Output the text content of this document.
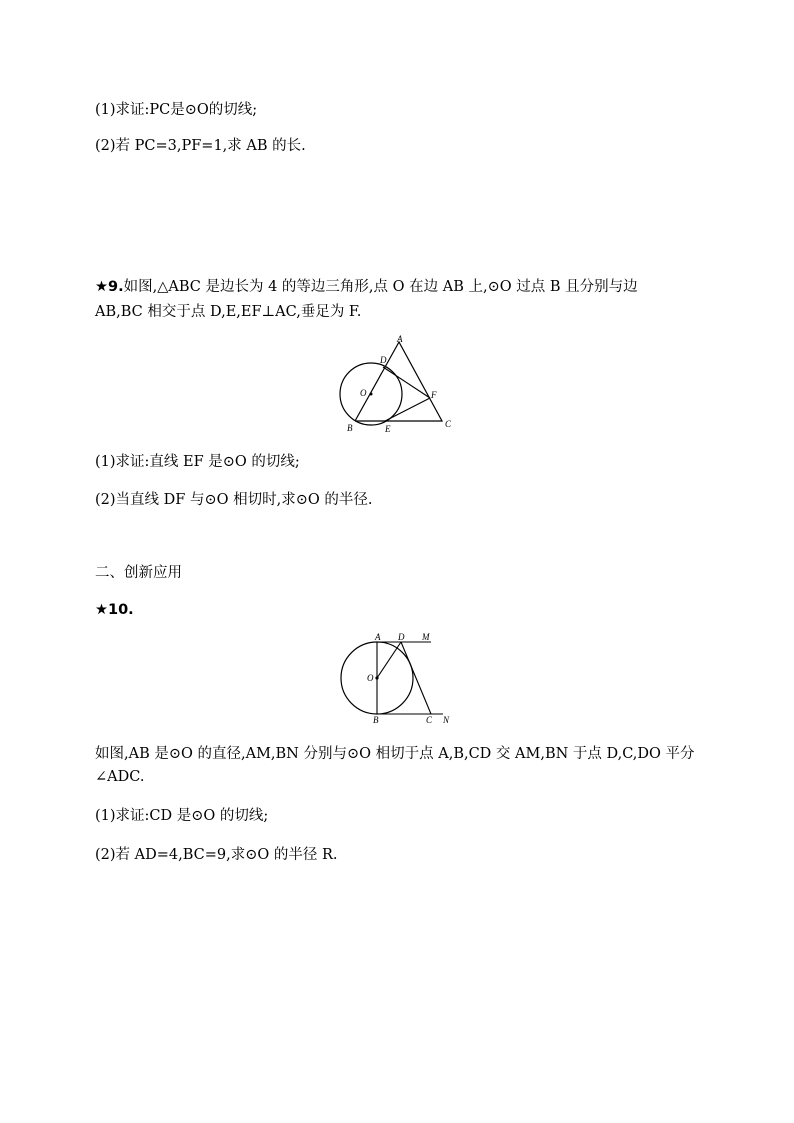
(1)求证:PC是⊙O的切线;
(2)若 PC=3,PF=1,求 AB 的长.
★9.如图,△ABC 是边长为 4 的等边三角形,点 O 在边 AB 上,⊙O 过点 B 且分别与边
AB,BC 相交于点 D,E,EF⊥AC,垂足为 F.
A
D
O	F
B	E	C
(1)求证:直线 EF 是⊙O 的切线;
(2)当直线 DF 与⊙O 相切时,求⊙O 的半径.
二、创新应用
★10.
A D M
O
B	C N
如图,AB 是⊙O 的直径,AM,BN 分别与⊙O 相切于点 A,B,CD 交 AM,BN 于点 D,C,DO 平分
∠ADC.
(1)求证:CD 是⊙O 的切线;
(2)若 AD=4,BC=9,求⊙O 的半径 R.
